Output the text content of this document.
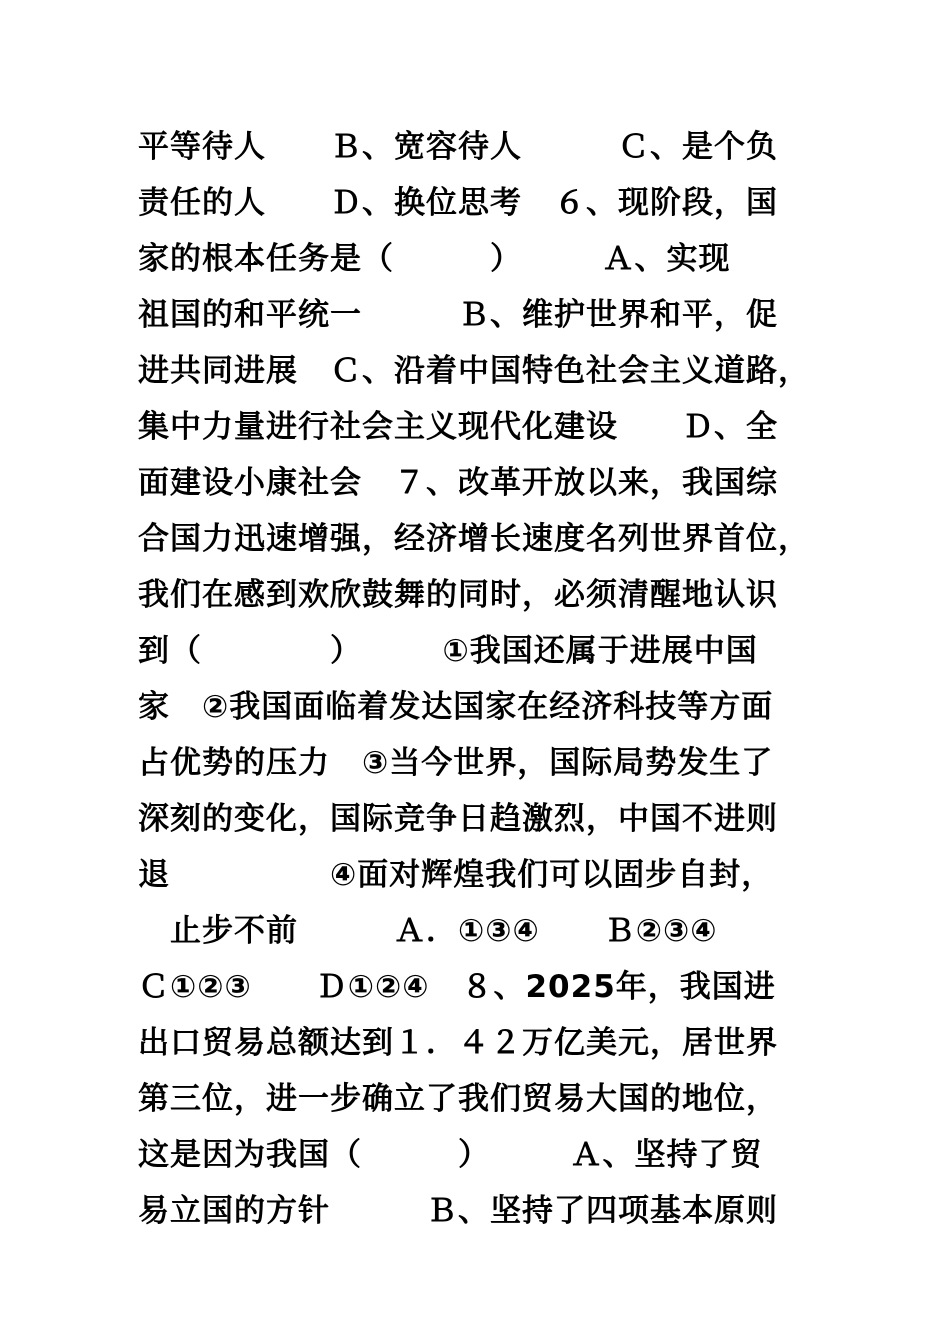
平等待人　　Ｂ、宽容待人　　　Ｃ、是个负
责任的人　　Ｄ、换位思考　６、现阶段，国
家的根本任务是（　　　）　　　Ａ、实现
祖国的和平统一　　　Ｂ、维护世界和平，促
进共同进展　Ｃ、沿着中国特色社会主义道路，
集中力量进行社会主义现代化建设　　Ｄ、全
面建设小康社会　７、改革开放以来，我国综
合国力迅速增强，经济增长速度名列世界首位，
我们在感到欢欣鼓舞的同时，必须清醒地认识
到（　　　　）　　　①我国还属于进展中国
家　②我国面临着发达国家在经济科技等方面
占优势的压力　③当今世界，国际局势发生了
深刻的变化，国际竞争日趋激烈，中国不进则
退　　　　　④面对辉煌我们可以固步自封，
　止步不前　　　Ａ．①③④　　Ｂ②③④
Ｃ①②③　　Ｄ①②④　８、2025年，我国进
出口贸易总额达到１．４２万亿美元，居世界
第三位，进一步确立了我们贸易大国的地位，
这是因为我国（　　　）　　　Ａ、坚持了贸
易立国的方针　　　Ｂ、坚持了四项基本原则
